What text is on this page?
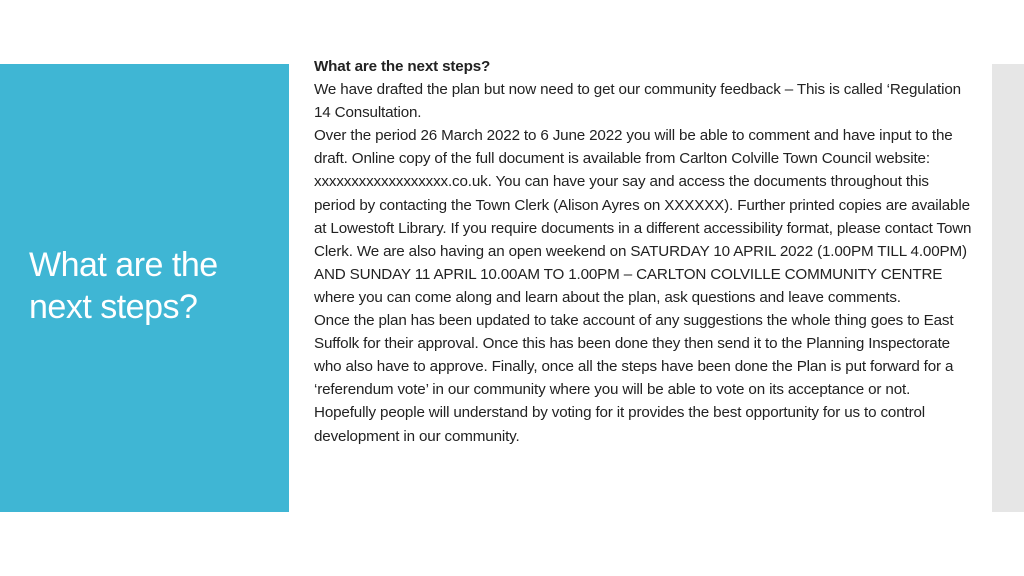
What are the next steps?

What are the next steps?

We have drafted the plan but now need to get our community feedback – This is called ‘Regulation 14 Consultation.

Over the period 26 March 2022 to 6 June 2022 you will be able to comment and have input to the draft. Online copy of the full document is available from Carlton Colville Town Council website: xxxxxxxxxxxxxxxxxx.co.uk. You can have your say and access the documents throughout this period by contacting the Town Clerk (Alison Ayres on XXXXXX). Further printed copies are available at Lowestoft Library. If you require documents in a different accessibility format, please contact Town Clerk. We are also having an open weekend on SATURDAY 10 APRIL 2022 (1.00PM TILL 4.00PM) AND SUNDAY 11 APRIL 10.00AM TO 1.00PM – CARLTON COLVILLE COMMUNITY CENTRE where you can come along and learn about the plan, ask questions and leave comments.

Once the plan has been updated to take account of any suggestions the whole thing goes to East Suffolk for their approval. Once this has been done they then send it to the Planning Inspectorate who also have to approve. Finally, once all the steps have been done the Plan is put forward for a ‘referendum vote’ in our community where you will be able to vote on its acceptance or not. Hopefully people will understand by voting for it provides the best opportunity for us to control development in our community.
